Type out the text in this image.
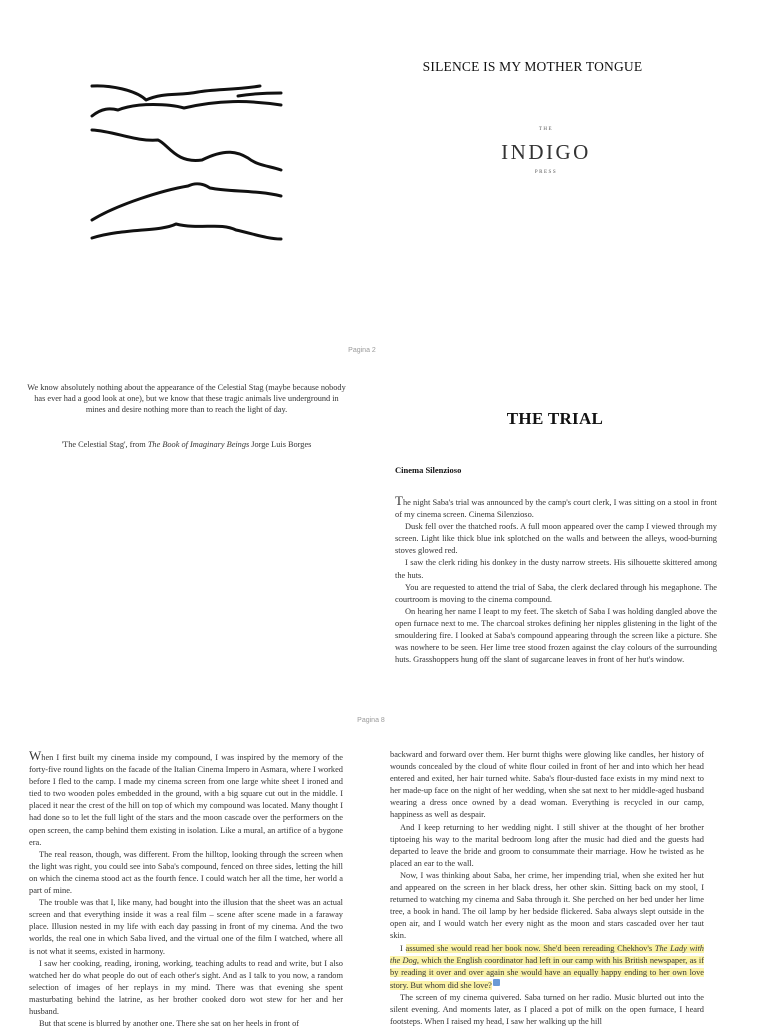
SILENCE IS MY MOTHER TONGUE
THE
INDIGO
PRESS
Pagina 2
We know absolutely nothing about the appearance of the Celestial Stag (maybe because nobody has ever had a good look at one), but we know that these tragic animals live underground in mines and desire nothing more than to reach the light of day.
'The Celestial Stag', from The Book of Imaginary Beings Jorge Luis Borges
THE TRIAL
Cinema Silenzioso

The night Saba's trial was announced by the camp's court clerk, I was sitting on a stool in front of my cinema screen. Cinema Silenzioso.

Dusk fell over the thatched roofs. A full moon appeared over the camp I viewed through my screen. Light like thick blue ink splotched on the walls and between the alleys, wood-burning stoves glowed red.

I saw the clerk riding his donkey in the dusty narrow streets. His silhouette skittered among the huts.

You are requested to attend the trial of Saba, the clerk declared through his megaphone. The courtroom is moving to the cinema compound.

On hearing her name I leapt to my feet. The sketch of Saba I was holding dangled above the open furnace next to me. The charcoal strokes defining her nipples glistening in the light of the smouldering fire. I looked at Saba's compound appearing through the screen like a picture. She was nowhere to be seen. Her lime tree stood frozen against the clay colours of the surrounding huts. Grasshoppers hung off the slant of sugarcane leaves in front of her hut's window.

Pagina 8

When I first built my cinema inside my compound, I was inspired by the memory of the forty-five round lights on the facade of the Italian Cinema Impero in Asmara, where I worked before I fled to the camp. I made my cinema screen from one large white sheet I ironed and tied to two wooden poles embedded in the ground, with a big square cut out in the middle. I placed it near the crest of the hill on top of which my compound was located. Many thought I had done so to let the full light of the stars and the moon cascade over the performers on the open screen, the camp behind them existing in isolation. Like a mural, an artifice of a bygone era.

The real reason, though, was different. From the hilltop, looking through the screen when the light was right, you could see into Saba's compound, fenced on three sides, letting the hill on which the cinema stood act as the fourth fence. I could watch her all the time, her world a part of mine.

The trouble was that I, like many, had bought into the illusion that the sheet was an actual screen and that everything inside it was a real film – scene after scene made in a faraway place. Illusion nested in my life with each day passing in front of my cinema. And the two worlds, the real one in which Saba lived, and the virtual one of the film I watched, where all is not what it seems, existed in harmony.

I saw her cooking, reading, ironing, working, teaching adults to read and write, but I also watched her do what people do out of each other's sight. And as I talk to you now, a random selection of images of her replays in my mind. There was that evening she spent masturbating behind the latrine, as her brother cooked doro wot stew for her and her husband.

But that scene is blurred by another one. There she sat on her heels in front of

backward and forward over them. Her burnt thighs were glowing like candles, her history of wounds concealed by the cloud of white flour coiled in front of her and into which her head entered and exited, her hair turned white. Saba's flour-dusted face exists in my mind next to her made-up face on the night of her wedding, when she sat next to her middle-aged husband wearing a dress once owned by a dead woman. Everything is recycled in our camp, happiness as well as despair.

And I keep returning to her wedding night. I still shiver at the thought of her brother tiptoeing his way to the marital bedroom long after the music had died and the guests had departed to leave the bride and groom to consummate their marriage. How he twisted as he placed an ear to the wall.

Now, I was thinking about Saba, her crime, her impending trial, when she exited her hut and appeared on the screen in her black dress, her other skin. Sitting back on my stool, I returned to watching my cinema and Saba through it. She perched on her bed under her lime tree, a book in hand. The oil lamp by her bedside flickered. Saba always slept outside in the open air, and I would watch her every night as the moon and stars cascaded over her taut skin.

I assumed she would read her book now. She'd been rereading Chekhov's The Lady with the Dog, which the English coordinator had left in our camp with his British newspaper, as if by reading it over and over again she would have an equally happy ending to her own love story. But whom did she love?

The screen of my cinema quivered. Saba turned on her radio. Music blurted out into the silent evening. And moments later, as I placed a pot of milk on the open furnace, I heard footsteps. When I raised my head, I saw her walking up the hill
